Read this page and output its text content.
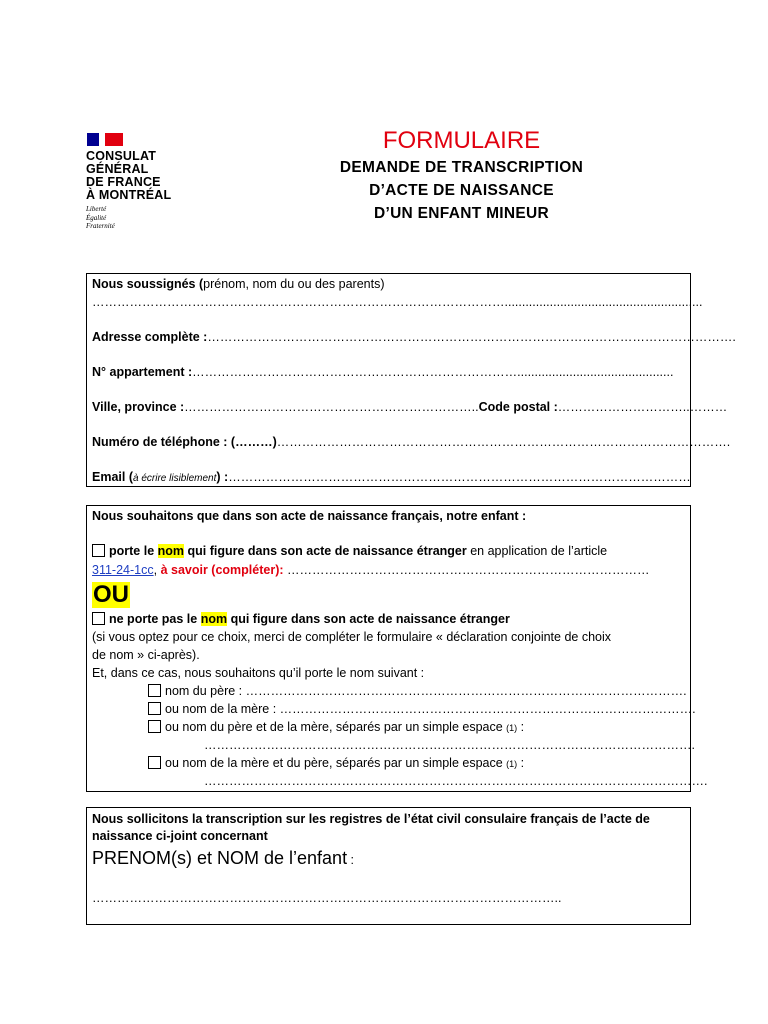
CONSULAT
GÉNÉRAL
DE FRANCE
À MONTRÉAL
Liberté
Égalité
Fraternité
FORMULAIRE
DEMANDE DE TRANSCRIPTION
D’ACTE DE NAISSANCE
D’UN ENFANT MINEUR
Nous soussignés (prénom, nom du ou des parents)
……………………………………………………………………………………….........................................................
Adresse complète :……………………………………………………………………………………………………………….
N° appartement :…………………………………………………………………….............................................
Ville, province :……………………………………………………………..Code postal :…………………………..………
Numéro de téléphone : (………)……………………………………………………………………………………………….
Email (à écrire lisiblement) :…………………………………………………………………………………………………
Nous souhaitons que dans son acte de naissance français, notre enfant :
porte le nom qui figure dans son acte de naissance étranger en application de l’article
311-24-1cc, à savoir (compléter): ……………………………………………………………………………
OU
ne porte pas le nom qui figure dans son acte de naissance étranger
(si vous optez pour ce choix, merci de compléter le formulaire « déclaration conjointe de choix
de nom » ci-après).
Et, dans ce cas, nous souhaitons qu’il porte le nom suivant :
nom du père : …………………………………………………………………………………………….
ou nom de la mère : ……………………………………………………………………………………….
ou nom du père et de la mère, séparés par un simple espace (1) :
……………………………………………………………………………………………………….
ou nom de la mère et du père, séparés par un simple espace (1) :
………………………………………………………………………………………………………….
Nous sollicitons la transcription sur les registres de l’état civil consulaire français de l’acte de
naissance ci-joint concernant
PRENOM(s) et NOM de l’enfant :
…………………………………………………………………………………………………..
